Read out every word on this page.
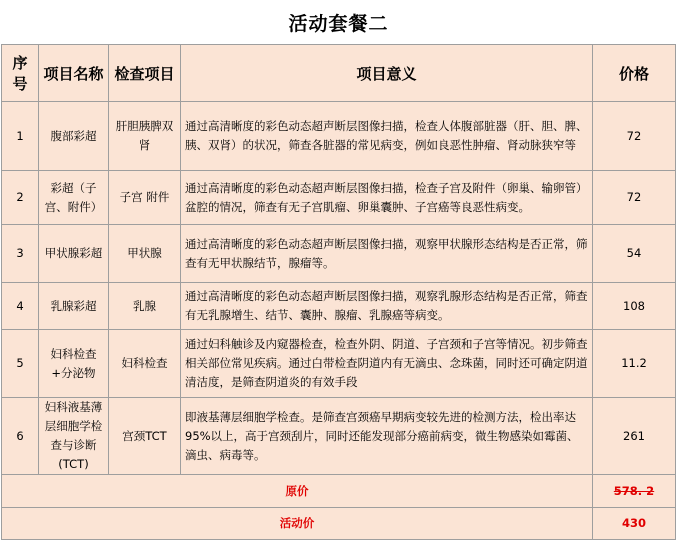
活动套餐二
序号	项目名称	检查项目	项目意义	价格
1	腹部彩超	肝胆胰脾双肾	通过高清晰度的彩色动态超声断层图像扫描，检查人体腹部脏器（肝、胆、脾、胰、双肾）的状况，筛查各脏器的常见病变，例如良恶性肿瘤、肾动脉狭窄等	72
2	彩超（子宫、附件）	子宫 附件	通过高清晰度的彩色动态超声断层图像扫描，检查子宫及附件（卵巢、输卵管）盆腔的情况，筛查有无子宫肌瘤、卵巢囊肿、子宫癌等良恶性病变。	72
3	甲状腺彩超	甲状腺	通过高清晰度的彩色动态超声断层图像扫描，观察甲状腺形态结构是否正常，筛查有无甲状腺结节，腺瘤等。	54
4	乳腺彩超	乳腺	通过高清晰度的彩色动态超声断层图像扫描，观察乳腺形态结构是否正常，筛查有无乳腺增生、结节、囊肿、腺瘤、乳腺癌等病变。	108
5	妇科检查+分泌物	妇科检查	通过妇科触诊及内窥器检查，检查外阴、阴道、子宫颈和子宫等情况。初步筛查相关部位常见疾病。通过白带检查阴道内有无滴虫、念珠菌，同时还可确定阴道清洁度，是筛查阴道炎的有效手段	11.2
6	妇科液基薄层细胞学检查与诊断(TCT)	宫颈TCT	即液基薄层细胞学检查。是筛查宫颈癌早期病变较先进的检测方法，检出率达95%以上，高于宫颈刮片，同时还能发现部分癌前病变，微生物感染如霉菌、滴虫、病毒等。	261
原价				578. 2
活动价				430
